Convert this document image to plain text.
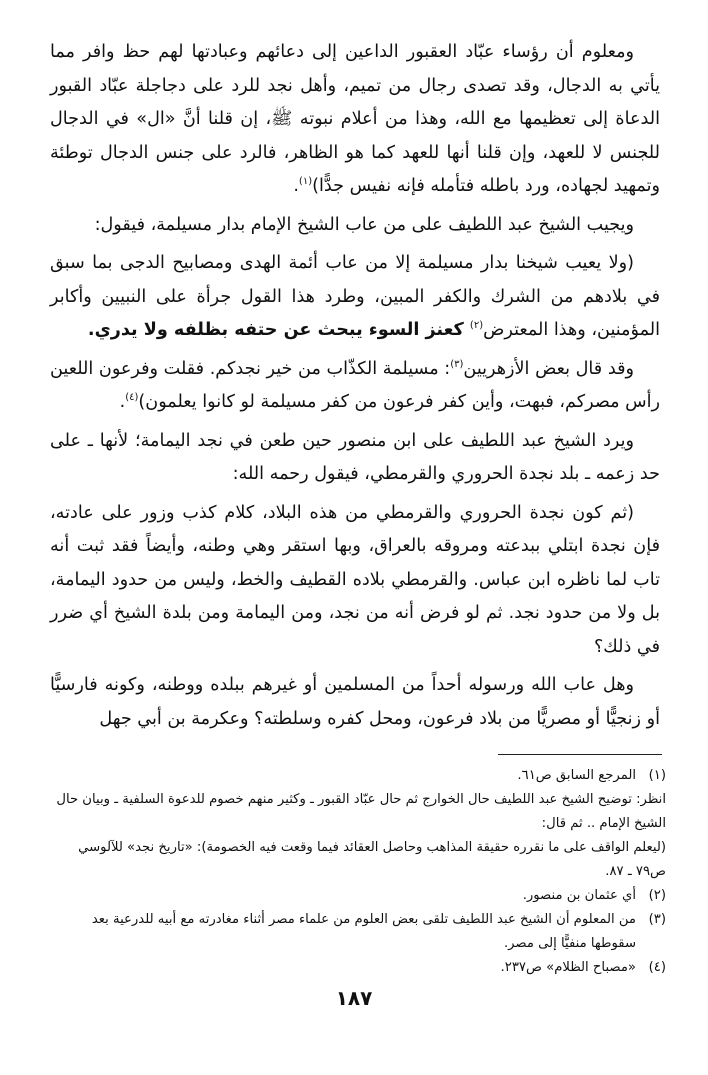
ومعلوم أن رؤساء عبّاد العقبور الداعين إلى دعائهم وعبادتها لهم حظ وافر مما يأتي به الدجال، وقد تصدى رجال من تميم، وأهل نجد للرد على دجاجلة عبّاد القبور الدعاة إلى تعظيمها مع الله، وهذا من أعلام نبوته ﷺ، إن قلنا أنَّ «ال» في الدجال للجنس لا للعهد، وإن قلنا أنها للعهد كما هو الظاهر، فالرد على جنس الدجال توطئة وتمهيد لجهاده، ورد باطله فتأمله فإنه نفيس جدًّا)$^{(١)}$.

ويجيب الشيخ عبد اللطيف على من عاب الشيخ الإمام بدار مسيلمة، فيقول:

(ولا يعيب شيخنا بدار مسيلمة إلا من عاب أئمة الهدى ومصابيح الدجى بما سبق في بلادهم من الشرك والكفر المبين، وطرد هذا القول جرأة على النبيين وأكابر المؤمنين، وهذا المعترض$^{(٢)}$ كعنز السوء يبحث عن حتفه بظلفه ولا يدري.

وقد قال بعض الأزهريين$^{(٣)}$: مسيلمة الكذّاب من خير نجدكم. فقلت وفرعون اللعين رأس مصركم، فبهت، وأين كفر فرعون من كفر مسيلمة لو كانوا يعلمون)$^{(٤)}$.

ويرد الشيخ عبد اللطيف على ابن منصور حين طعن في نجد اليمامة؛ لأنها ـ على حد زعمه ـ بلد نجدة الحروري والقرمطي، فيقول رحمه الله:

(ثم كون نجدة الحروري والقرمطي من هذه البلاد، كلام كذب وزور على عادته، فإن نجدة ابتلي ببدعته ومروقه بالعراق، وبها استقر وهي وطنه، وأيضاً فقد ثبت أنه تاب لما ناظره ابن عباس. والقرمطي بلاده القطيف والخط، وليس من حدود اليمامة، بل ولا من حدود نجد. ثم لو فرض أنه من نجد، ومن اليمامة ومن بلدة الشيخ أي ضرر في ذلك؟

وهل عاب الله ورسوله أحداً من المسلمين أو غيرهم ببلده ووطنه، وكونه فارسيًّا أو زنجيًّا أو مصريًّا من بلاد فرعون، ومحل كفره وسلطته؟ وعكرمة بن أبي جهل

(١)
المرجع السابق ص٦١.
انظر: توضيح الشيخ عبد اللطيف حال الخوارج ثم حال عبّاد القبور ـ وكثير منهم خصوم للدعوة السلفية ـ وبيان حال الشيخ الإمام .. ثم قال:
(ليعلم الواقف على ما نقرره حقيقة المذاهب وحاصل العقائد فيما وقعت فيه الخصومة): «تاريخ نجد» للآلوسي ص٧٩ ـ ٨٧.
(٢)
أي عثمان بن منصور.
(٣)
من المعلوم أن الشيخ عبد اللطيف تلقى بعض العلوم من علماء مصر أثناء مغادرته مع أبيه للدرعية بعد سقوطها منفيًّا إلى مصر.
(٤)
«مصباح الظلام» ص٢٣٧.
١٨٧
